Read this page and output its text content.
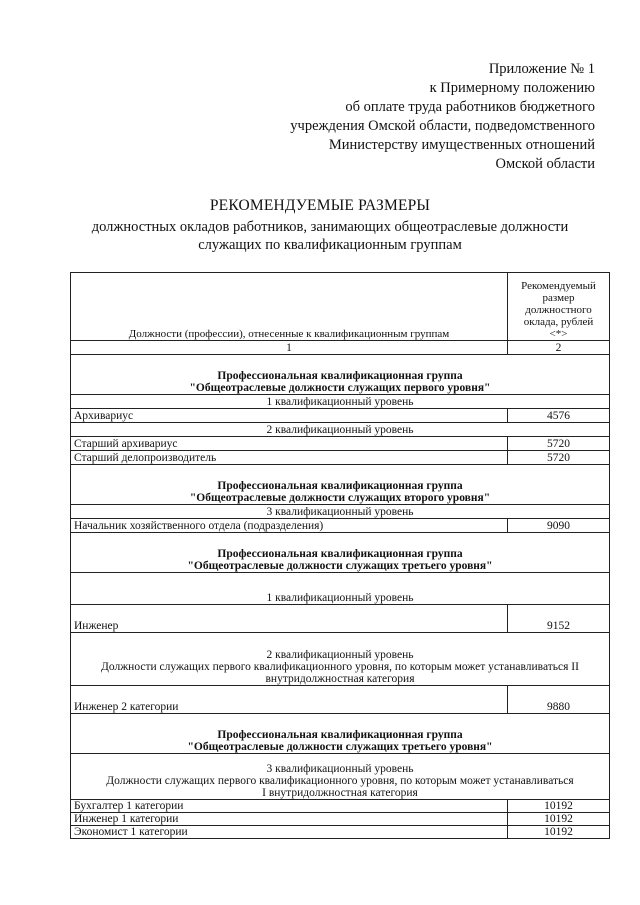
Приложение № 1
к Примерному положению
об оплате труда работников бюджетного
учреждения Омской области, подведомственного
Министерству имущественных отношений
Омской области
РЕКОМЕНДУЕМЫЕ РАЗМЕРЫ
должностных окладов работников, занимающих общеотраслевые должности
служащих по квалификационным группам
Должности (профессии), отнесенные к квалификационным группам	Рекомендуемый
размер
должностного
оклада, рублей
<*>

1	2

Профессиональная квалификационная группа
"Общеотраслевые должности служащих первого уровня"	

1 квалификационный уровень	

Архивариус	4576

2 квалификационный уровень	

Старший архивариус	5720
Старший делопроизводитель	5720

Профессиональная квалификационная группа
"Общеотраслевые должности служащих второго уровня"	

3 квалификационный уровень	

Начальник хозяйственного отдела (подразделения)	9090

Профессиональная квалификационная группа
"Общеотраслевые должности служащих третьего уровня"	

1 квалификационный уровень	

Инженер	9152

2 квалификационный уровень
Должности служащих первого квалификационного уровня, по которым может устанавливаться II
внутридолжностная категория	

Инженер 2 категории	9880

Профессиональная квалификационная группа
"Общеотраслевые должности служащих третьего уровня"	

3 квалификационный уровень
Должности служащих первого квалификационного уровня, по которым может устанавливаться
I внутридолжностная категория	

Бухгалтер 1 категории	10192
Инженер 1 категории	10192
Экономист 1 категории	10192
